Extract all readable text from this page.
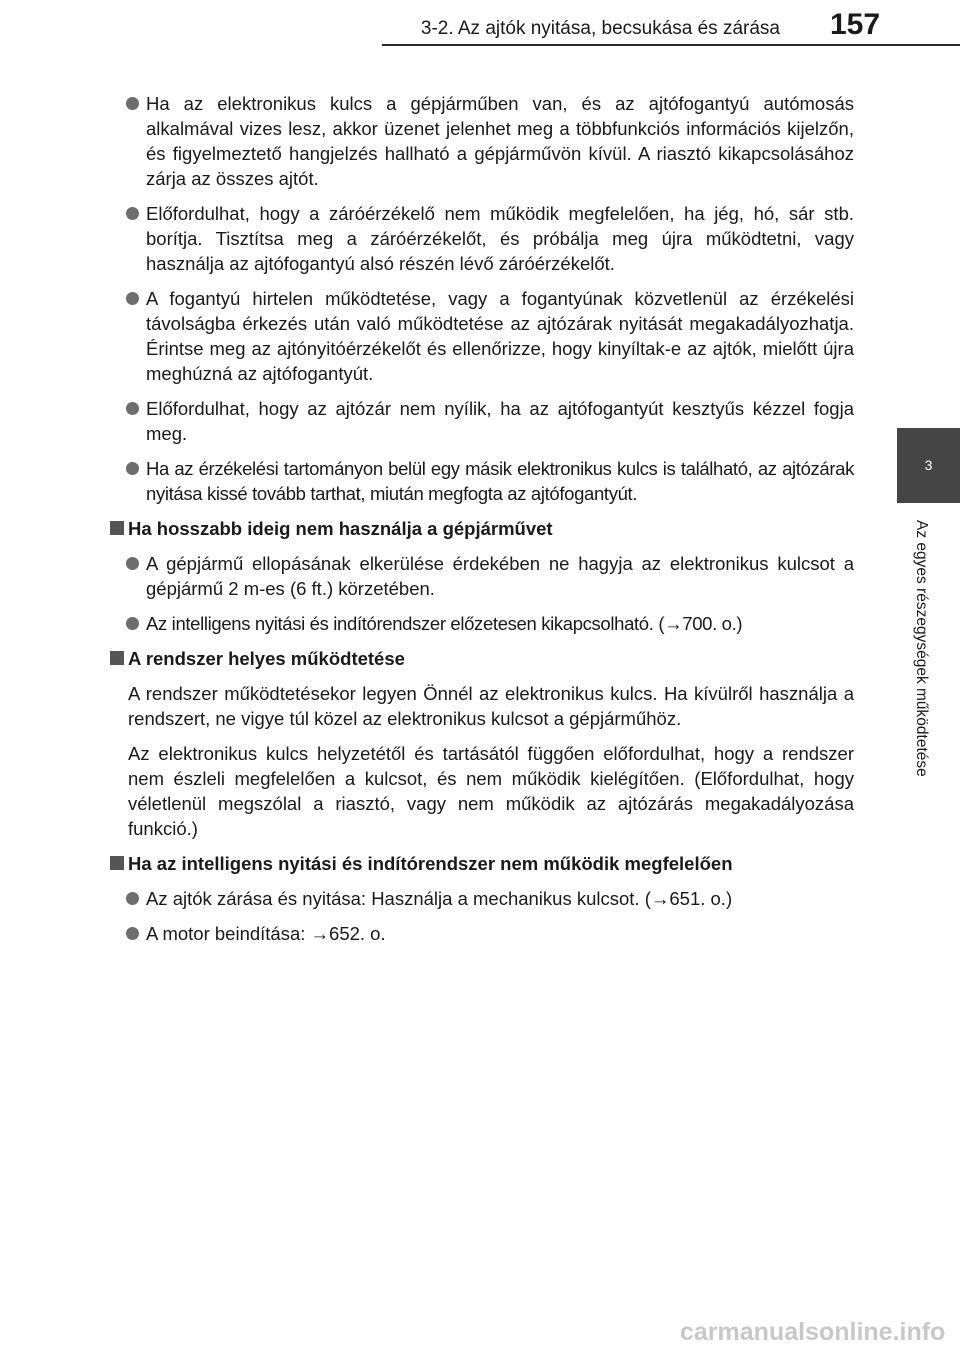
3-2. Az ajtók nyitása, becsukása és zárása 157
3
Az egyes részegységek működtetése
Ha az elektronikus kulcs a gépjárműben van, és az ajtófogantyú autómosás alkalmával vizes lesz, akkor üzenet jelenhet meg a többfunkciós információs kijelzőn, és figyelmeztető hangjelzés hallható a gépjárművön kívül. A riasztó kikapcsolásához zárja az összes ajtót.
Előfordulhat, hogy a záróérzékelő nem működik megfelelően, ha jég, hó, sár stb. borítja. Tisztítsa meg a záróérzékelőt, és próbálja meg újra működtetni, vagy használja az ajtófogantyú alsó részén lévő záróérzékelőt.
A fogantyú hirtelen működtetése, vagy a fogantyúnak közvetlenül az érzékelési távolságba érkezés után való működtetése az ajtózárak nyitását megakadályozhatja. Érintse meg az ajtónyitóérzékelőt és ellenőrizze, hogy kinyíltak-e az ajtók, mielőtt újra meghúzná az ajtófogantyút.
Előfordulhat, hogy az ajtózár nem nyílik, ha az ajtófogantyút kesztyűs kézzel fogja meg.
Ha az érzékelési tartományon belül egy másik elektronikus kulcs is található, az ajtózárak nyitása kissé tovább tarthat, miután megfogta az ajtófogantyút.
Ha hosszabb ideig nem használja a gépjárművet
A gépjármű ellopásának elkerülése érdekében ne hagyja az elektronikus kulcsot a gépjármű 2 m-es (6 ft.) körzetében.
Az intelligens nyitási és indítórendszer előzetesen kikapcsolható. (→700. o.)
A rendszer helyes működtetése
A rendszer működtetésekor legyen Önnél az elektronikus kulcs. Ha kívülről használja a rendszert, ne vigye túl közel az elektronikus kulcsot a gépjárműhöz.
Az elektronikus kulcs helyzetétől és tartásától függően előfordulhat, hogy a rendszer nem észleli megfelelően a kulcsot, és nem működik kielégítően. (Előfordulhat, hogy véletlenül megszólal a riasztó, vagy nem működik az ajtózárás megakadályozása funkció.)
Ha az intelligens nyitási és indítórendszer nem működik megfelelően
Az ajtók zárása és nyitása: Használja a mechanikus kulcsot. (→651. o.)
A motor beindítása: →652. o.
carmanualsonline.info
